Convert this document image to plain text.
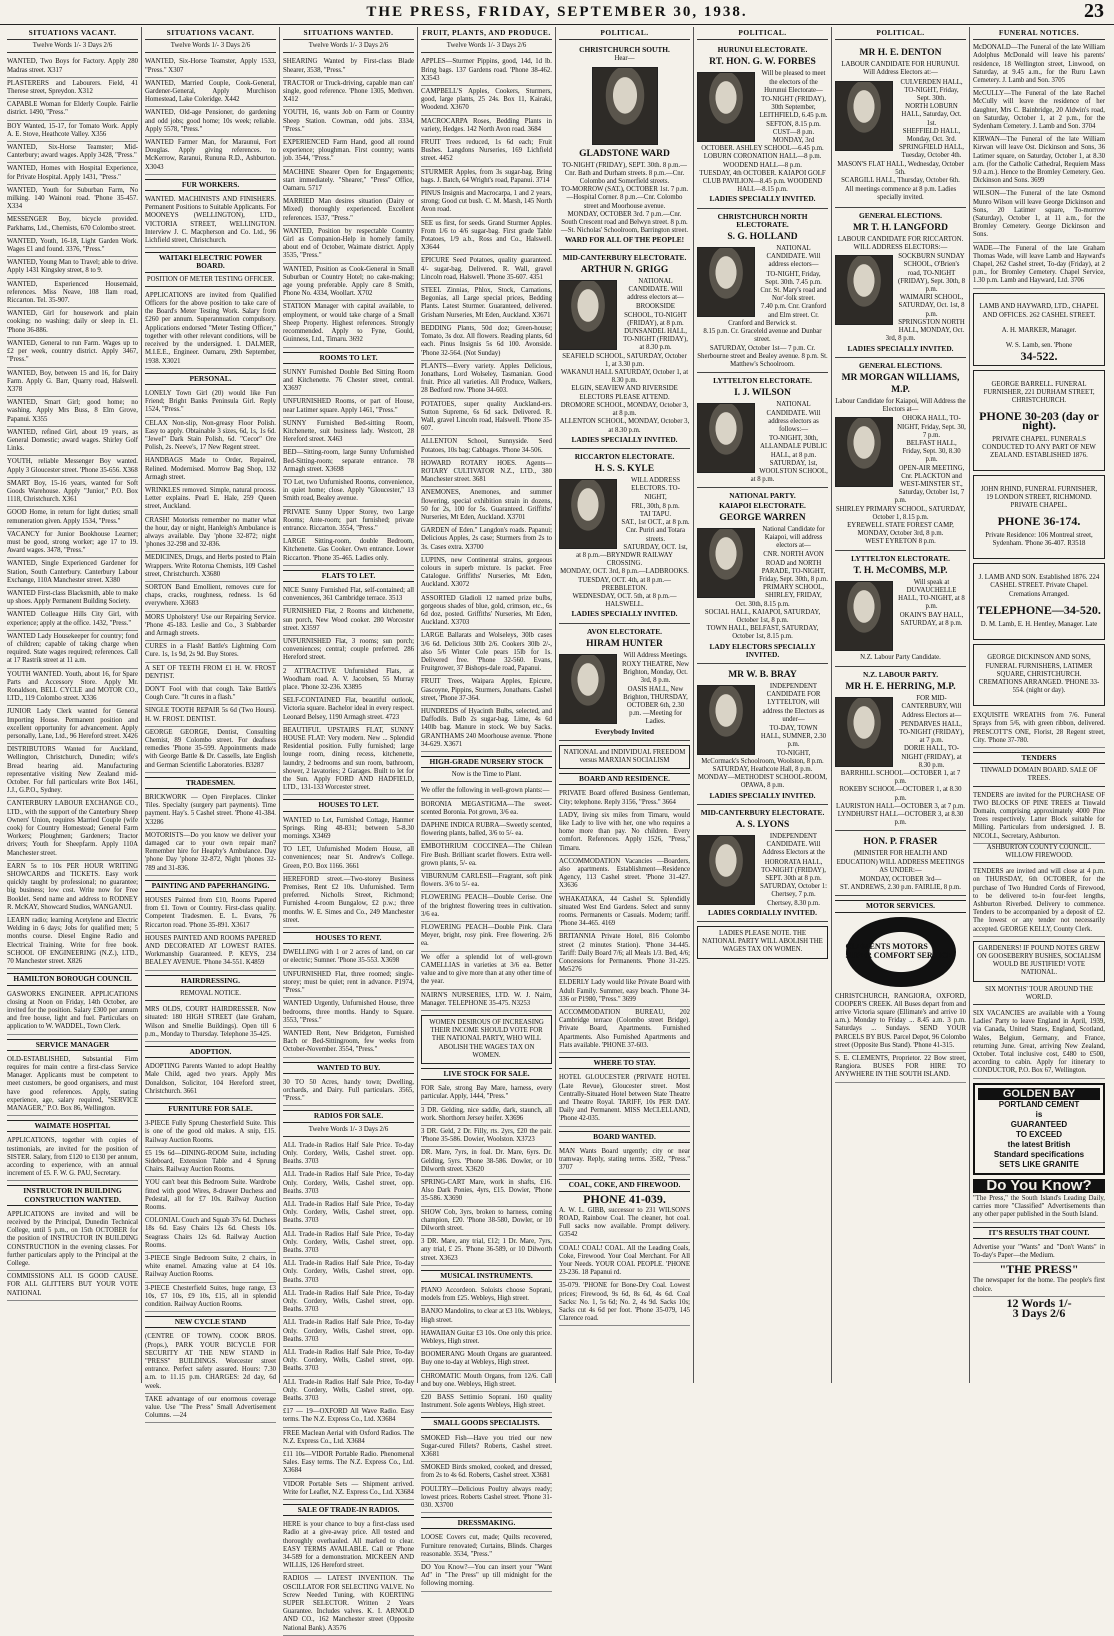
THE PRESS, FRIDAY, SEPTEMBER 30, 1938.	23
SITUATIONS VACANT.
Twelve Words 1/- 3 Days 2/6

WANTED, Two Boys for Factory. Apply 280 Madras street. X317

PLASTERERS and Labourers. Field, 41 Therese street, Spreydon. X312

CAPABLE Woman for Elderly Couple. Fairlie district. 1490, "Press."

BOY Wanted, 15-17, for Tomato Work. Apply A. E. Stove, Heathcote Valley. X356

WANTED, Six-Horse Teamster; Mid-Canterbury; award wages. Apply 3428, "Press."

WANTED, Homes with Hospital Experience, for Private Hospital. Apply 1431, "Press."

WANTED, Youth for Suburban Farm, No milking. 140 Wainoni road. 'Phone 35-457. X334

MESSENGER Boy, bicycle provided. Parkhams, Ltd., Chemists, 670 Colombo street.

WANTED, Youth, 16-18, Light Garden Work. Wages £1 and found. 3376, "Press."

WANTED, Young Man to Travel; able to drive. Apply 1431 Kingsley street, 8 to 9.

WANTED, Experienced Housemaid, references. Miss Neave, 108 Ilam road, Riccarton. Tel. 35-907.

WANTED, Girl for housework and plain cooking; no washing; daily or sleep in. £1. 'Phone 36-886.

WANTED, General to run Farm. Wages up to £2 per week, country district. Apply 3467, "Press."

WANTED, Boy, between 15 and 16, for Dairy Farm. Apply G. Barr, Quarry road, Halswell. X378

WANTED, Smart Girl; good home; no washing. Apply Mrs Buss, 8 Elm Grove, Papanui. X355

WANTED, refined Girl, about 19 years, as General Domestic; award wages. Shirley Golf Links.

YOUTH, reliable Messenger Boy wanted. Apply 3 Gloucester street. 'Phone 35-656. X368

SMART Boy, 15-16 years, wanted for Soft Goods Warehouse. Apply "Junior," P.O. Box 1118, Christchurch. X361

GOOD Home, in return for light duties; small remuneration given. Apply 1534, "Press."

VACANCY for Junior Bookhouse Learner; must be good, strong worker; age 17 to 19. Award wages. 3478, "Press."

WANTED, Single Experienced Gardener for Station, South Canterbury. Canterbury Labour Exchange, 110A Manchester street. X380

WANTED First-class Blacksmith, able to make up shoes. Apply Permanent Building Society.

WANTED Colleague Hills City Girl, with experience; apply at the office. 1432, "Press."

WANTED Lady Housekeeper for country; fond of children; capable of taking charge when required. State wages required; references. Call at 17 Rastrik street at 11 a.m.

YOUTH WANTED. Youth, about 16, for Spare Parts and Accessory Store. Apply Mr. Ronaldson, BELL CYCLE and MOTOR CO., LTD., 119 Colombo street. X336

JUNIOR Lady Clerk wanted for General Importing House. Permanent position and excellent opportunity for advancement. Apply personally, Lane, Ltd., 96 Hereford street. X426

DISTRIBUTORS Wanted for Auckland, Wellington, Christchurch, Dunedin; wife's Bread hearing aid. Manufacturing representative visiting New Zealand mid-October. For full particulars write Box 1461, J.J., G.P.O., Sydney.

CANTERBURY LABOUR EXCHANGE CO., LTD., with the support of the Canterbury Sheep Owners' Union, requires Married Couple (wife cook) for Country Homestead; General Farm Workers; Ploughmen; Gardeners; Tractor drivers; Youth for Sheepfarm. Apply 110A Manchester street.

EARN 5s to 10s PER HOUR WRITING SHOWCARDS and TICKETS. Easy work quickly taught by professional; no guarantee; big business; low cost. Write now for Free Booklet. Send name and address to RODNEY R. McKAY, Showcard Studios, WANGANUI.

LEARN radio; learning Acetylene and Electric Welding in 6 days; Jobs for qualified men; 5 months course. Diesel Engine Radio and Electrical Training. Write for free book. SCHOOL OF ENGINEERING (N.Z.), LTD., 70 Manchester street. X826

HAMILTON BOROUGH COUNCIL

GASWORKS ENGINEER. APPLICATIONS closing at Noon on Friday, 14th October, are invited for the position. Salary £300 per annum and free house, light and fuel. Particulars on application to W. WADDEL, Town Clerk.

SERVICE MANAGER

OLD-ESTABLISHED, Substantial Firm requires for main centre a first-class Service Manager. Applicants must be competent to meet customers, be good organisers, and must have good references. Apply, stating experience, age, salary required, "SERVICE MANAGER," P.O. Box 86, Wellington.

WAIMATE HOSPITAL

APPLICATIONS, together with copies of testimonials, are invited for the position of SISTER. Salary, from £120 to £130 per annum, according to experience, with an annual increment of £5. F. W. G. PAU, Secretary.

INSTRUCTOR IN BUILDING CONSTRUCTION WANTED.

APPLICATIONS are invited and will be received by the Principal, Dunedin Technical College, until 5 p.m., on 15th OCTOBER for the position of INSTRUCTOR IN BUILDING CONSTRUCTION in the evening classes. For further particulars apply to the Principal at the College.

COMMISSIONS ALL IS GOOD CAUSE. FOR ALL GLITTERS BUT YOUR VOTE NATIONAL

SITUATIONS VACANT.
Twelve Words 1/- 3 Days 2/6

WANTED, Six-Horse Teamster, Apply 1533, "Press." X307

WANTED, Married Couple, Cook-General, Gardener-General, Apply Murchison Homestead, Lake Coleridge. X442

WANTED, Old-age Pensioner, do gardening and odd jobs; good home; 10s week; reliable. Apply 5578, "Press."

WANTED Farmer Man, for Maraunui, Fort Douglas. Apply giving references. to McKerrow, Raranui, Rununa R.D., Ashburton. X3043

FUR WORKERS.

WANTED. MACHINISTS AND FINISHERS. Permanent Positions to Suitable Applicants. For MOONEYS (WELLINGTON), LTD., VICTORIA STREET, WELLINGTON. Interview J. C. Macpherson and Co. Ltd., 96 Lichfield street, Christchurch.

WAITAKI ELECTRIC POWER BOARD.
POSITION OF METER TESTING OFFICER.

APPLICATIONS are invited from Qualified Officers for the above position to take care of the Board's Meter Testing Work. Salary from £260 per annum. Superannuation compulsory. Applications endorsed "Meter Testing Officer," together with other relevant conditions, will be received by the undersigned. I. DALMER, M.I.E.E., Engineer. Oamaru, 29th September, 1938. X3021

PERSONAL.

LONELY Town Girl (20) would like Fun Friend; Bright Banks Peninsula Girl. Reply 1524, "Press."

CELAX Non-slip, Non-greasy Floor Polish. Easy to apply. Obtainable 3 sizes, 6d, 1s, 1s 6d. "Jewel" Dark Stain Polish, 6d. "Cecor" Ore Polish, 2s. Neeve's, 17 New Regent street.

HANDBAGS Made to Order, Repaired, Relined. Modernised. Morrow Bag Shop, 132 Armagh street.

WRINKLES removed. Simple, natural process. Letter explains. Pearl E. Hale, 259 Queen street, Auckland.

CRASH! Motorists remember no matter what the hour, day or night, Hanleigh's Ambulance is always available. Day 'phone 32-872; night 'phones 32-298 and 32-836.

MEDICINES, Drugs, and Herbs posted to Plain Wrappers. Write Rotorua Chemists, 109 Cashel street, Christchurch. X3680

SORTON Band Emollient, removes cure for chaps, cracks, roughness, redness. 1s 6d everywhere. X3683

MORS Upholstery! Use our Repairing Service. 'Phone 45-183. Leslie and Co., 3 Stabbarder and Armagh streets.

CURES in a Flash! Battle's Lightning Corn Cure. 1s, 1s 9d, 2s 9d. Buy Stores.

A SET OF TEETH FROM £1 H. W. FROST DENTIST.

DON'T Fool with that cough. Take Battle's Cough Cure. "It cures in a flash."

SINGLE TOOTH REPAIR 5s 6d (Two Hours). H. W. FROST. DENTIST.

GEORGE GEORGE, Dentist, Consulting Chemist, 89 Colombo street. For deafness remedies 'Phone 35-599. Appointments made with George Battle & Dr. Cassells, late English and German Scientific Laboratories. B3287

TRADESMEN.

BRICKWORK — Open Fireplaces. Clinker Tiles. Specialty (surgery part payments). Time payment. Hay's. 5 Cashel street. 'Phone 41-384. X3286

MOTORISTS—Do you know we deliver your damaged car to your own repair man? Remember hire for Heaphy's Ambulance. Day 'phone Day 'phone 32-872, Night 'phones 32-789 and 31-836.

PAINTING AND PAPERHANGING.

HOUSES Painted from £10, Rooms Papered from £1. Town or Country. First-class quality. Competent Tradesmen. E. L. Evans, 76 Riccarton road. 'Phone 35-891. X3617

HOUSES PAINTED AND ROOMS PAPERED AND DECORATED AT LOWEST RATES. Workmanship Guaranteed. P. KEYS, 234 BEALEY AVENUE. 'Phone 34-551. K4859

HAIRDRESSING.
REMOVAL NOTICE.

MRS OLDS, COURT HAIRDRESSER. Now situated: 180 HIGH STREET (late Graham, Wilson and Smellie Buildings). Open till 6 p.m., Monday to Thursday. Telephone 35-425.

ADOPTION.

ADOPTING Parents Wanted to adopt Healthy Male Child, aged two years. Apply Mrs Donaldson, Solicitor, 104 Hereford street, Christchurch. 3661

FURNITURE FOR SALE.

3-PIECE Fully Sprung Chesterfield Suite. This is one of the good old makes. A snip, £15. Railway Auction Rooms.

£5 19s 6d—DINING-ROOM Suite, including Sideboard, Extension Table and 4 Sprung Chairs. Railway Auction Rooms.

YOU can't beat this Bedroom Suite. Wardrobe fitted with good Wires, 8-drawer Duchess and Pedestal, all for £7 10s. Railway Auction Rooms.

COLONIAL Couch and Squab 37s 6d. Duchess 18s 6d. Easy Chairs 12s 6d. Chests 10s. Seagrass Chairs 12s 6d. Railway Auction Rooms.

3-PIECE Single Bedroom Suite, 2 chairs, in white enamel. Amazing value at £4 10s. Railway Auction Rooms.

3-PIECE Chesterfield Suites, huge range, £3 10s, £7 10s, £9 10s, £15, all in splendid condition. Railway Auction Rooms.

NEW CYCLE STAND

(CENTRE OF TOWN). COOK BROS. (Props.), PARK YOUR BICYCLE FOR SECURITY AT THE NEW STAND in "PRESS" BUILDINGS. Worcester street entrance. Perfect safety assured. Hours: 7.30 a.m. to 11.15 p.m. CHARGES: 2d day, 6d week.

TAKE advantage of our enormous coverage value. Use "The Press" Small Advertisement Columns. —24

SITUATIONS WANTED.
Twelve Words 1/- 3 Days 2/6

SHEARING Wanted by First-class Blade Shearer, 3538, "Press."

TRACTOR or Truck-driving, capable man can' single, good reference. 'Phone 1305, Methven. X412

YOUTH, 16, wants Job on Farm or Country Sheep Station. Cowman, odd jobs. 3334, "Press."

EXPERIENCED Farm Hand, good all round experience; ploughman. First country; wants job. 3544, "Press."

MACHINE Shearer Open for Engagements; start immediately. "Shearer," "Press" Office, Oamaru. 5717

MARRIED Man desires situation (Dairy or Mixed) thoroughly experienced. Excellent references. 1537, "Press."

WANTED, Position by respectable Country Girl as Companion-Help in homely family, about end of October, Waimate district. Apply 3535, "Press."

WANTED, Position as Cook-General in Small Suburban or Country Hotel; no cake-making; age young preferable. Apply care 8 Smith, Phone No. 4334, Woollart. X702

STATION Manager with capital available, to employment, or would take charge of a Small Sheep Property. Highest references. Strongly recommended. Apply to Fyne, Gould, Guinness, Ltd., Timaru. 3692

ROOMS TO LET.

SUNNY Furnished Double Bed Sitting Room and Kitchenette. 76 Chester street, central. X3697

UNFURNISHED Rooms, or part of House, near Latimer square. Apply 1461, "Press."

SUNNY Furnished Bed-sitting Room, Kitchenette, suit business lady. Westcott, 28 Hereford street. X463

BED—Sitting-room, large Sunny Unfurnished Bed-Sitting-room; separate entrance. 78 Armagh street. X3698

TO Let, two Unfurnished Rooms, convenience, in quiet home; close. Apply "Gloucester," 13 Smith road, Bealey avenue.

PRIVATE Sunny Upper Storey, two Large Rooms; Ante-room; part furnished; private entrance. Riccarton. 3554, "Press."

LARGE Sitting-room, double Bedroom, Kitchenette. Gas Cooker. Own entrance. Lower Riccarton. 'Phone 35-465. Ladies only.

FLATS TO LET.

NICE Sunny Furnished Flat, self-contained; all conveniences, 361 Cambridge terrace. 3513

FURNISHED Flat, 2 Rooms and kitchenette, sun porch, New Wood cooker. 280 Worcester street. X3597

UNFURNISHED Flat, 3 rooms; sun porch; conveniences; central; couple preferred. 286 Hereford street.

2 ATTRACTIVE Unfurnished Flats, at Woodham road. A. V. Jacobsen, 55 Murray place. 'Phone 32-236. X3895

SELF-CONTAINED Flat, beautiful outlook, Victoria square. Bachelor ideal in every respect. Leonard Belsey, 1190 Armagh street. 4723

BEAUTIFUL UPSTAIRS FLAT, SUNNY HOUSE FLAT: Very modern. New ... Splendid Residential position. Fully furnished; large lounge room, dining recess, kitchenette, laundry, 2 bedrooms and sun room, bathroom, shower, 2 lavatories; 2 Garages. Built to let for the Sun. Apply FORD AND HADFIELD, LTD., 131-133 Worcester street.

HOUSES TO LET.

WANTED to Let, Furnished Cottage, Hanmer Springs. Ring 48-831; between 5-8.30 mornings. X3469

TO LET, Unfurnished Modern House, all conveniences; near St. Andrew's College. Green, P.O. Box 1166. 3661

HEREFORD street.—Two-storey Business Premises, Rent £2 10s. Unfurnished. Term preferred. Nicholls Street, Richmond; Furnished 4-room Bungalow, £2 p.w.; three months. W. E. Simes and Co., 249 Manchester street.

HOUSES TO RENT.

DWELLING with 1 or 2 acres of land, on car or electric; Sumner. 'Phone 35-553. X3698

UNFURNISHED Flat, three roomed; single-storey; must be quiet; rent in advance. P1974, "Press."

WANTED Urgently, Unfurnished House, three bedrooms, three months. Handy to Square. 3553, "Press."

WANTED Rent, New Bridgeton, Furnished Bach or Bed-Sittingroom, few weeks from October-November. 3554, "Press."

WANTED TO BUY.

30 TO 50 Acres, handy town; Dwelling, orchards, and Dairy. Full particulars. 3565, "Press."

RADIOS FOR SALE.
Twelve Words 1/- 3 Days 2/6

ALL Trade-in Radios Half Sale Price. To-day Only. Cordery, Wells, Cashel street. opp. Beaths. 3703

ALL Trade-in Radios Half Sale Price, To-day Only. Cordery, Wells, Cashel street, opp. Beaths. 3703

ALL Trade-in Radios Half Sale Price, To-day Only. Cordery, Wells, Cashel street, opp. Beaths. 3703

ALL Trade-in Radios Half Sale Price, To-day Only. Cordery, Wells, Cashel street, opp. Beaths. 3703

ALL Trade-in Radios Half Sale Price, To-day Only. Cordery, Wells, Cashel street, opp. Beaths. 3703

ALL Trade-in Radios Half Sale Price, To-day Only. Cordery, Wells, Cashel street, opp. Beaths. 3703

ALL Trade-in Radios Half Sale Price, To-day Only. Cordery, Wells, Cashel street, opp. Beaths. 3703

ALL Trade-in Radios Half Sale Price, To-day Only. Cordery, Wells, Cashel street, opp. Beaths. 3703

ALL Trade-in Radios Half Sale Price, To-day Only. Cordery, Wells, Cashel street, opp. Beaths. 3703

£17 — 19—OXFORD All Wave Radio. Easy terms. The N.Z. Express Co., Ltd. X3684

FREE Maclean Aerial with Oxford Radios. The N.Z. Express Co., Ltd. X3684

£11 10s—VIDOR Portable Radio. Phenomenal Sales. Easy terms. The N.Z. Express Co., Ltd. X3684

VIDOR Portable Sets — Shipment arrived. Write for Leaflet, N.Z. Express Co., Ltd. X3684

SALE OF TRADE-IN RADIOS.

HERE is your chance to buy a first-class used Radio at a give-away price. All tested and thoroughly overhauled. All marked to clear. EASY TERMS AVAILABLE. Call or 'Phone 34-589 for a demonstration. MICKEEN AND WILLIS, 126 Hereford street.

RADIOS — LATEST INVENTION. The OSCILLATOR FOR SELECTING VALVE. No Screw Needed Tuning, with KOERTING SUPER SELECTOR. Written 2 Years Guarantee. Includes valves. K. I. ARNOLD AND CO., 162 Manchester street (Opposite National Bank). A3576

FRUIT, PLANTS, AND PRODUCE.
Twelve Words 1/- 3 Days 2/6

APPLES—Sturmer Pippins, good, 14d, 1d lb. Bring bags. 137 Gardens road. 'Phone 38-462. X3543

CAMPBELL'S Apples, Cookers, Sturmers, good, large plants, 25 24s. Box 11, Kairaki, Woodend. X3670

MACROCARPA Roses, Bedding Plants in variety, Hedges. 142 North Avon road. 3684

FRUIT Trees reduced, 1s 6d each; Fruit Bushes. Langdons Nurseries, 169 Lichfield street. 4452

STURMER Apples, from 3s sugar-bag. Bring bags. J. Batch, 64 Wright's road, Papanui. 3714

PINUS Insignis and Macrocarpa, 1 and 2 years, strong; Good cut bush. C. M. Marsh, 145 North Avon road.

SEE us first, for seeds. Grand Sturmer Apples. From 1/6 to 4/6 sugar-bag. First grade Table Potatoes, 1/9 a.b., Ross and Co., Halswell. X3644

EPICURE Seed Potatoes, quality guaranteed. 4/- sugar-bag. Delivered. R. Wall, gravel Lincoln road, Halswell. 'Phone 35-607. 4351

STEEL Zinnias, Phlox, Stock, Carnations, Begonias, all Large special prices, Bedding Plants. Latest Sturmer. Guaranteed, delivered. Grisham Nurseries, Mt Eden, Auckland. X3671

BEDDING Plants, 50d doz; Green-house; Tomato, 3s doz. All flowers. Reading plants, 6d each. Pinus Insignis 5s 6d 100. Avonside. 'Phone 32-564. (Not Sunday)

PLANTS—Every variety. Apples Delicious, Jonathans, Lord Wolseley, Tasmanian. Good fruit. Price all varieties. All Produce, Walkers, 28 Bedford row. 'Phone 34-603.

POTATOES, super quality Auckland-ers. Sutton Supreme, 6s 6d sack. Delivered. R. Wall, gravel Lincoln road, Halswell. 'Phone 35-607.

ALLENTON School, Sunnyside. Seed Potatoes, 10s bag; Cabbages. 'Phone 34-506.

HOWARD ROTARY HOES. Agents—ROTARY CULTIVATOR N.Z., LTD., 380 Manchester street. 3681

ANEMONES, Anemones, and summer flowering, special exhibition strain in dozens, 50 for 2s, 100 for 5s. Guaranteed. Griffiths' Nurseries, Mt Eden, Auckland. X3701

GARDEN of Eden." Langdon's roads. Papanui; Delicious Apples, 2s case; Sturmers from 2s to 3s. Cases extra. X3700

LUPINS, new Continental strains, gorgeous colours in superb mixture. 1s packet. Free Catalogue. Griffiths' Nurseries, Mt Eden, Auckland. X3072

ASSORTED Gladioli 12 named prize bulbs, gorgeous shades of blue, gold, crimson, etc., 6s 6d doz, posted. Griffiths' Nurseries, Mt Eden, Auckland. X3703

LARGE Ballarats and Wolseleys, 30lb cases 3/6 6d. Delicious 30lb 2/6. Cookers 30lb 2/-, also 5/6 Winter Cole pears 15lb for 1s. Delivered free. 'Phone 32-560. Evans, Fruitgrower, 37 Bishops-dale road, Papanui.

FRUIT Trees, Waipara Apples, Epicure, Gascoyne, Pippins, Sturmers, Jonathans. Cashel street, 'Phone 37-364.

HUNDREDS of Hyacinth Bulbs, selected, and Daffodils. Bulb 2s sugar-bag. Lime, 4s 6d 140lb bag. Manure in stock. We buy Sacks. GRANTHAMS 240 Moorhouse avenue. 'Phone 34-629. X3671

HIGH-GRADE NURSERY STOCK
Now is the Time to Plant.

We offer the following in well-grown plants:—

BORONIA MEGASTIGMA—The sweet-scented Boronia. Pot grown, 3/6 ea.

DAPHNE INDICA RUBRA—Sweetly scented, flowering plants, balled, 3/6 to 5/- ea.

EMBOTHRIUM COCCINEA—The Chilean Fire Bush. Brilliant scarlet flowers. Extra well-grown plants, 5/- ea.

VIBURNUM CARLESII—Fragrant, soft pink flowers. 3/6 to 5/- ea.

FLOWERING PEACH—Double Cerise. One of the brightest flowering trees in cultivation. 3/6 ea.

FLOWERING PEACH—Double Pink. Clara Meyer, bright, rosy pink. Free flowering. 2/6 ea.

We offer a splendid lot of well-grown CAMELLIAS in varieties at 3/6 ea. Better value and to give more than at any other time of the year.

NAIRN'S NURSERIES, LTD. W. J. Nairn, Manager. TELEPHONE 35-475. N3253

WOMEN DESIROUS OF INCREASING THEIR INCOME SHOULD VOTE FOR THE NATIONAL PARTY, WHO WILL ABOLISH THE WAGES TAX ON WOMEN.
LIVE STOCK FOR SALE.

FOR Sale, strong Bay Mare, harness, every particular. Apply, 1444, "Press."

3 DR. Gelding, nice saddle, dark, staunch, all work. Shorthorn Jersey heifer. X3696

3 DR. Geld, 2 Dr. Filly, rts. 2yrs, £20 the pair. 'Phone 35-586. Dowier, Woolston. X3723

DR. Mare, 7yrs, in foal. Dr. Mare, 6yrs. Dr. Gelding, 5yrs. 'Phone 38-586. Dowler, or 10 Dilworth street. X3620

SPRING-CART Mare, work in shafts, £16. Also Dark Ponies, 4yrs, £15. Dowier, 'Phone 35-586. X3690

SHOW Cob, 3yrs, broken to harness, coming champion, £20. 'Phone 38-580, Dowler, or 10 Dilworth street.

3 DR. Mare, any trial, £12; 1 Dr. Mare, 7yrs, any trial, £ 25. 'Phone 36-589, or 10 Dilworth street. X3623

MUSICAL INSTRUMENTS.

PIANO Accordeon. Soloists choose Soprani, models from £25. Webleys, High street.

BANJO Mandolins, to clear at £3 10s. Webleys, High street.

HAWAIIAN Guitar £3 10s. One only this price. Webleys, High street.

BOOMERANG Mouth Organs are guaranteed. Buy one to-day at Webleys, High street.

CHROMATIC Mouth Organs, from 12/6. Call and buy one. Webleys, High street.

£20 BASS Settimio Soprani. 160 quality Instrument. Sole agents Webleys, High street.

SMALL GOODS SPECIALISTS.

SMOKED Fish—Have you tried our new Sugar-cured Fillets? Roberts, Cashel street. X3681

SMOKED Birds smoked, cooked, and dressed, from 2s to 4s 6d. Roberts, Cashel street. X3681

POULTRY—Delicious Poultry always ready; lowest prices. Roberts Cashel street. 'Phone 31-030. X3700

DRESSMAKING.

LOOSE Covers cut, made; Quilts recovered, Furniture renovated; Curtains, Blinds. Charges reasonable. 3534, "Press."

DO You Know?—You can insert your "Want Ad" in "The Press" up till midnight for the following morning.

POLITICAL.

CHRISTCHURCH SOUTH.

Hear—

GLADSTONE WARD

TO-NIGHT (FRIDAY), SEPT. 30th. 8 p.m.—Cnr. Bath and Durham streets. 8 p.m.—Cnr. Colombo and Somerfield streets.
TO-MORROW (SAT.), OCTOBER 1st. 7 p.m.—Hospital Corner. 8 p.m.—Cnr. Colombo street and Moorhouse avenue.
MONDAY, OCTOBER 3rd. 7 p.m.—Cnr. South Crescent road and Belwyn street. 8 p.m.—St. Nicholas' Schoolroom, Barrington street.

WARD FOR ALL OF THE PEOPLE!

MID-CANTERBURY ELECTORATE.

ARTHUR N. GRIGG

NATIONAL CANDIDATE. Will address electors at—

BROOKSIDE SCHOOL, TO-NIGHT (FRIDAY), at 8 p.m.
DUNSANDEL HALL, TO-NIGHT (FRIDAY), at 8.30 p.m.
SEAFIELD SCHOOL, SATURDAY, October 1, at 3.30 p.m.
WAKANUI HALL SATURDAY, October 1, at 8.30 p.m.
ELGIN, SEAVIEW AND RIVERSIDE ELECTORS PLEASE ATTEND.
DROMORE SCHOOL, MONDAY, October 3, at 8 p.m.
ALLENTON SCHOOL, MONDAY, October 3, at 8.30 p.m.

LADIES SPECIALLY INVITED.

RICCARTON ELECTORATE.

H. S. S. KYLE

WILL ADDRESS ELECTORS. TO-NIGHT,

FRI., 30th, 8 p.m.
TAI TAPU.
SAT., 1st OCT., at 8 p.m.
Cnr. Puriri and Totara streets.
SATURDAY, OCT. 1st, at 8 p.m.—BRYNDWR RAILWAY CROSSING.
MONDAY, OCT. 3rd, 8 p.m.—LADBROOKS.
TUESDAY, OCT. 4th, at 8 p.m.—PREBBLETON.
WEDNESDAY, OCT. 5th, at 8 p.m.—HALSWELL.

LADIES SPECIALLY INVITED.

AVON ELECTORATE.

HIRAM HUNTER

Will Address Meetings.

ROXY THEATRE, New Brighton, Monday, Oct. 3rd, 8 p.m.
OASIS HALL, New Brighton, THURSDAY, OCTOBER 6th, 2.30 p.m. —Meeting for Ladies.

Everybody Invited

NATIONAL and INDIVIDUAL FREEDOM versus MARXIAN SOCIALISM
BOARD AND RESIDENCE.

PRIVATE Board offered Business Gentleman, City; telephone. Reply 3156, "Press." 3664

LADY, living six miles from Timaru, would like Lady to live with her, one who requires a home more than pay. No children. Every comfort. References. Apply 1526, "Press," Timaru.

ACCOMMODATION Vacancies —Boarders, also apartments. Establishment—Residence Agency, 113 Cashel street. 'Phone 31-427. X3636

WHAKATAKA, 44 Cashel St. Splendidly situated West End Gardens. Select and sunny rooms. Permanents or Casuals. Modern; tariff. 'Phone 34-465. 4169

BRITANNIA Private Hotel, 816 Colombo street (2 minutes Station). 'Phone 34-445. Tariff: Daily Board 7/6; all Meals 1/3. Bed, 4/6; Concessions for Permanents. 'Phone 31-225. Me5276

ELDERLY Lady would like Private Board with Adult Family. Summer, easy beach. 'Phone 34-336 or P1980, "Press." 3699

ACCOMMODATION BUREAU, 202 Cambridge terrace (Colombo street Bridge). Private Board, Apartments. Furnished Apartments. Also Furnished Apartments and Flats available. 'PHONE 37-603.

WHERE TO STAY.

HOTEL GLOUCESTER (PRIVATE HOTEL (Late Revue), Gloucester street. Most Centrally-Situated Hotel between State Theatre and Theatre Royal. TARIFF, 10s PER DAY. Daily and Permanent. MISS McCLELLAND, 'Phone 42-035.

BOARD WANTED.

MAN Wants Board urgently; city or near tramway. Reply, stating terms. 3582, "Press." 3707

COAL, COKE, AND FIREWOOD.
PHONE 41-039.

A. W. L. GIBB, successor to 231 WILSON'S ROAD, Rainbow Coal. The cleaner, hot coal. Full sacks now available. Prompt delivery. G3542

COAL! COAL! COAL. All the Leading Coals, Coke, Firewood. Your Coal Merchant. For All Your Needs. YOUR COAL PEOPLE. 'PHONE 23-236. 18 Papanui rd.

35-079. 'PHONE for Bone-Dry Coal. Lowest prices; Firewood, 9s 6d, 8s 6d, 4s 6d. Coal Sacks: No. 1, 5s 6d; No. 2, 4s 9d. Sacks 10s; Sacks cut 4s 6d per foot. 'Phone 35-079, 145 Clarence road.

POLITICAL.

HURUNUI ELECTORATE.

RT. HON. G. W. FORBES

Will be pleased to meet the electors of the Hurunui Electorate—

TO-NIGHT (FRIDAY), 30th September, LEITHFIELD, 6.45 p.m. SEFTON, 8.15 p.m.
CUST—8 p.m.
MONDAY, 3rd OCTOBER. ASHLEY SCHOOL—6.45 p.m. LOBURN CORONATION HALL—8 p.m. WOODEND HALL—8 p.m.
TUESDAY, 4th OCTOBER. KAIAPOI GOLF CLUB PAVILION—8.45 p.m. WOODEND HALL—8.15 p.m.

LADIES SPECIALLY INVITED.

CHRISTCHURCH NORTH ELECTORATE.

S. G. HOLLAND

NATIONAL CANDIDATE. Will address electors—

TO-NIGHT, Friday, Sept. 30th. 7.45 p.m. Cnr. St. Mary's road and Nor'-folk street.
7.40 p.m. Cnr. Cranford and Elm street. Cr. Cranford and Berwick st.
8.15 p.m. Cr. Graceleld avenue and Dunbar street.
SATURDAY, October 1st— 7 p.m. Cr. Sherbourne street and Bealey avenue. 8 p.m. St. Matthew's Schoolroom.

LYTTELTON ELECTORATE.

I. J. WILSON

NATIONAL CANDIDATE. Will address electors as follows:—

TO-NIGHT, 30th, ALLANDALE PUBLIC HALL, at 8 p.m.
SATURDAY, 1st, WOOLSTON SCHOOL, at 8 p.m.

NATIONAL PARTY.

KAIAPOI ELECTORATE.

GEORGE WARREN

National Candidate for Kaiapoi, will address electors at—

CNR. NORTH AVON ROAD and NORTH PARADE, TO-NIGHT, Friday, Sept. 30th, 8 p.m.
PRIMARY SCHOOL, SHIRLEY, FRIDAY, Oct. 30th, 8.15 p.m.
SOCIAL HALL, KAIAPOI, SATURDAY, October 1st, 8 p.m.
TOWN HALL, BELFAST, SATURDAY, October 1st, 8.15 p.m.

LADY ELECTORS SPECIALLY INVITED.

MR W. B. BRAY

INDEPENDENT CANDIDATE FOR LYTTELTON, will address the Electors as under—

TO-DAY, TOWN HALL, SUMNER, 2.30 p.m.
TO-NIGHT, McCormack's Schoolroom, Woolston, 8 p.m.
SATURDAY, Heathcote Hall, 8 p.m.
MONDAY—METHODIST SCHOOL-ROOM, OPAWA, 8 p.m.

LADIES SPECIALLY INVITED.

MID-CANTERBURY ELECTORATE.

A. S. LYONS

INDEPENDENT CANDIDATE. Will Address Electors at the

HORORATA HALL, TO-NIGHT (FRIDAY), SEPT. 30th at 8 p.m.
SATURDAY, October 1: Chertsey, 7 p.m. Chertsey, 8.30 p.m.

LADIES CORDIALLY INVITED.

LADIES PLEASE NOTE. THE NATIONAL PARTY WILL ABOLISH THE WAGES TAX ON WOMEN.
POLITICAL.

MR H. E. DENTON

LABOUR CANDIDATE FOR HURUNUI. Will Address Electors at:—

CULVERDEN HALL, TO-NIGHT, Friday, Sept. 30th.
NORTH LOBURN HALL, Saturday, Oct. 1st.
SHEFFIELD HALL, Monday, Oct. 3rd.
SPRINGFIELD HALL, Tuesday, October 4th.
MASON'S FLAT HALL, Wednesday, October 5th.
SCARGILL HALL, Thursday, October 6th.

All meetings commence at 8 p.m. Ladies specially invited.

GENERAL ELECTIONS.

MR T. H. LANGFORD

LABOUR CANDIDATE FOR RICCARTON. WILL ADDRESS ELECTORS:—

SOCKBURN SUNDAY SCHOOL, O'Brien's road, TO-NIGHT (FRIDAY), Sept. 30th, 8 p.m.
WAIMAIRI SCHOOL, SATURDAY, Oct. 1st, 8 p.m.
SPRINGSTON NORTH HALL, MONDAY, Oct. 3rd, 8 p.m.

LADIES SPECIALLY INVITED.

GENERAL ELECTIONS.

MR MORGAN WILLIAMS, M.P.

Labour Candidate for Kaiapoi, Will Address the Electors at—

OHOKA HALL, TO-NIGHT, Friday, Sept. 30, 7 p.m.
BELFAST HALL, Friday, Sept. 30, 8.30 p.m.
OPEN-AIR MEETING, Cnr. PLACKTON and WEST-MINSTER ST., Saturday, October 1st, 7 p.m.
SHIRLEY PRIMARY SCHOOL, SATURDAY, October 1, 8.15 p.m.
EYREWELL STATE FOREST CAMP, MONDAY, October 3rd, 8 p.m.
WEST EYRETON 8 p.m.

LYTTELTON ELECTORATE.

T. H. McCOMBS, M.P.

Will speak at DUVAUCHELLE HALL, TO-NIGHT, at 8 p.m.
OKAIN'S BAY HALL, SATURDAY, at 8 p.m.

N.Z. Labour Party Candidate.

N.Z. LABOUR PARTY.

MR H. E. HERRING, M.P.

FOR MID-CANTERBURY, Will Address Electors at—

PENDARVES HALL, TO-NIGHT (FRIDAY), at 7 p.m.
DORIE HALL, TO-NIGHT (FRIDAY), at 8.30 p.m.
BARRHILL SCHOOL—OCTOBER 1, at 7 p.m.
ROKEBY SCHOOL—OCTOBER 1, at 8.30 p.m.
LAURISTON HALL—OCTOBER 3, at 7 p.m.
LYNDHURST HALL—OCTOBER 3, at 8.30 p.m.

HON. P. FRASER

(MINISTER FOR HEALTH AND EDUCATION) WILL ADDRESS MEETINGS AS UNDER:—

MONDAY, OCTOBER 3rd—
ST. ANDREWS, 2.30 p.m. FAIRLIE, 8 p.m.
MOTOR SERVICES.
CLEMENTS MOTORS SUPER COMFORT SERVICE

CHRISTCHURCH, RANGIORA, OXFORD, COOPER'S CREEK. All Buses depart from and arrive Victoria square (Ellimate's and arrive 10 a.m.). Monday to Friday ... 8.45 a.m. 3 p.m. Saturdays ... Sundays. SEND YOUR PARCELS BY BUS. Parcel Depot, 96 Colombo street (Opposite Bus Stand). 'Phone 41-315.

S. E. CLEMENTS, Proprietor. 22 Bow street, Rangiora. BUSES FOR HIRE TO ANYWHERE IN THE SOUTH ISLAND.

FUNERAL NOTICES.

McDONALD—The Funeral of the late William Adolphus McDonald will leave his parents' residence, 18 Wellington street, Linwood, on Saturday, at 9.45 a.m., for the Ruru Lawn Cemetery. J. Lamb and Son. 3705

McCULLY—The Funeral of the late Rachel McCully will leave the residence of her daughter, Mrs C. Bainbridge, 20 Aldwin's road, on Saturday, October 1, at 2 p.m., for the Sydenham Cemetery. J. Lamb and Son. 3704

KIRWAN—The Funeral of the late William Kirwan will leave Ost. Dickinson and Sons, 36 Latimer square, on Saturday, October 1, at 8.30 a.m. (for the Catholic Cathedral, Requiem Mass 9.0 a.m.). Hence to the Bromley Cemetery. Geo. Dickinson and Sons. 3699

WILSON—The Funeral of the late Osmond Munro Wilson will leave George Dickinson and Sons, 20 Latimer square, To-morrow (Saturday), October 1, at 11 a.m., for the Bromley Cemetery. George Dickinson and Sons.

WADE—The Funeral of the late Graham Thomas Wade, will leave Lamb and Hayward's Chapel, 262 Cashel street, To-day (Friday), at 2 p.m., for Bromley Cemetery. Chapel Service, 1.30 p.m. Lamb and Hayward, Ltd. 3706

LAMB AND HAYWARD, LTD., CHAPEL AND OFFICES. 262 CASHEL STREET.

A. H. MARKER, Manager.

W. S. Lamb, sen. 'Phone
34-522.

GEORGE BARRELL. FUNERAL FURNISHER, 221 DURHAM STREET, CHRISTCHURCH.

PHONE 30-203 (day or night).

PRIVATE CHAPEL. FUNERALS CONDUCTED TO ANY PART OF NEW ZEALAND. ESTABLISHED 1876.

JOHN RHIND, FUNERAL FURNISHER, 19 LONDON STREET, RICHMOND. PRIVATE CHAPEL.

PHONE 36-174.

Private Residence: 106 Montreal street, Sydenham. 'Phone 36-407. R3518

J. LAMB AND SON. Established 1876. 224 CASHEL STREET. Private Chapel. Cremations Arranged.

TELEPHONE—34-520.

D. M. Lamb, E. H. Hentley, Manager. Late

GEORGE DICKINSON AND SONS, FUNERAL FURNISHERS, LATIMER SQUARE, CHRISTCHURCH. CREMATIONS ARRANGED. 'PHONE 33-554. (night or day).

EXQUISITE WREATHS from 7/6. Funeral Sprays from 5/6, with green ribbon, delivered. PRESCOTT'S ONE, Florist, 28 Regent street, City. 'Phone 37-780.

TENDERS
TINWALD DOMAIN BOARD. SALE OF TREES.

TENDERS are invited for the PURCHASE OF TWO BLOCKS OF PINE TREES at Tinwald Domain, comprising approximately 4000 Pine Trees respectively. Latter Block suitable for Milling. Particulars from undersigned. J. B. NICOLL, Secretary, Ashburton.

ASHBURTON COUNTY COUNCIL. WILLOW FIREWOOD.

TENDERS are invited and will close at 4 p.m. on THURSDAY, 6th OCTOBER, for the purchase of Two Hundred Cords of Firewood, to be delivered to-in four-feet lengths, Ashburton Riverbed. Delivery to commence. Tenders to be accompanied by a deposit of £2. The lowest or any tender not necessarily accepted. GEORGE KELLY, County Clerk.

GARDENERS! IF POUND NOTES GREW ON GOOSEBERRY BUSHES, SOCIALISM WOULD BE JUSTIFIED! VOTE NATIONAL.
SIX MONTHS' TOUR AROUND THE WORLD.

SIX VACANCIES are available with a Young Ladies' Party to leave England in April, 1939, via Canada, United States, England, Scotland, Wales, Belgium, Germany, and France, returning June. Great, arriving New Zealand, October. Total inclusive cost, £480 to £500, according to cabin. Apply for itinerary to CONDUCTOR, P.O. Box 67, Wellington.

GOLDEN BAY
PORTLAND CEMENT
is
GUARANTEED
TO EXCEED
the latest British
Standard specifications
SETS LIKE GRANITE
Do You Know?

"The Press," the South Island's Leading Daily, carries more "Classified" Advertisements than any other paper published in the South Island.

IT'S RESULTS THAT COUNT.

Advertise your "Wants" and "Don't Wants" in To-day's Paper—the Medium.

"THE PRESS"

The newspaper for the home. The people's first choice.

12 Words 1/-
3 Days 2/6
